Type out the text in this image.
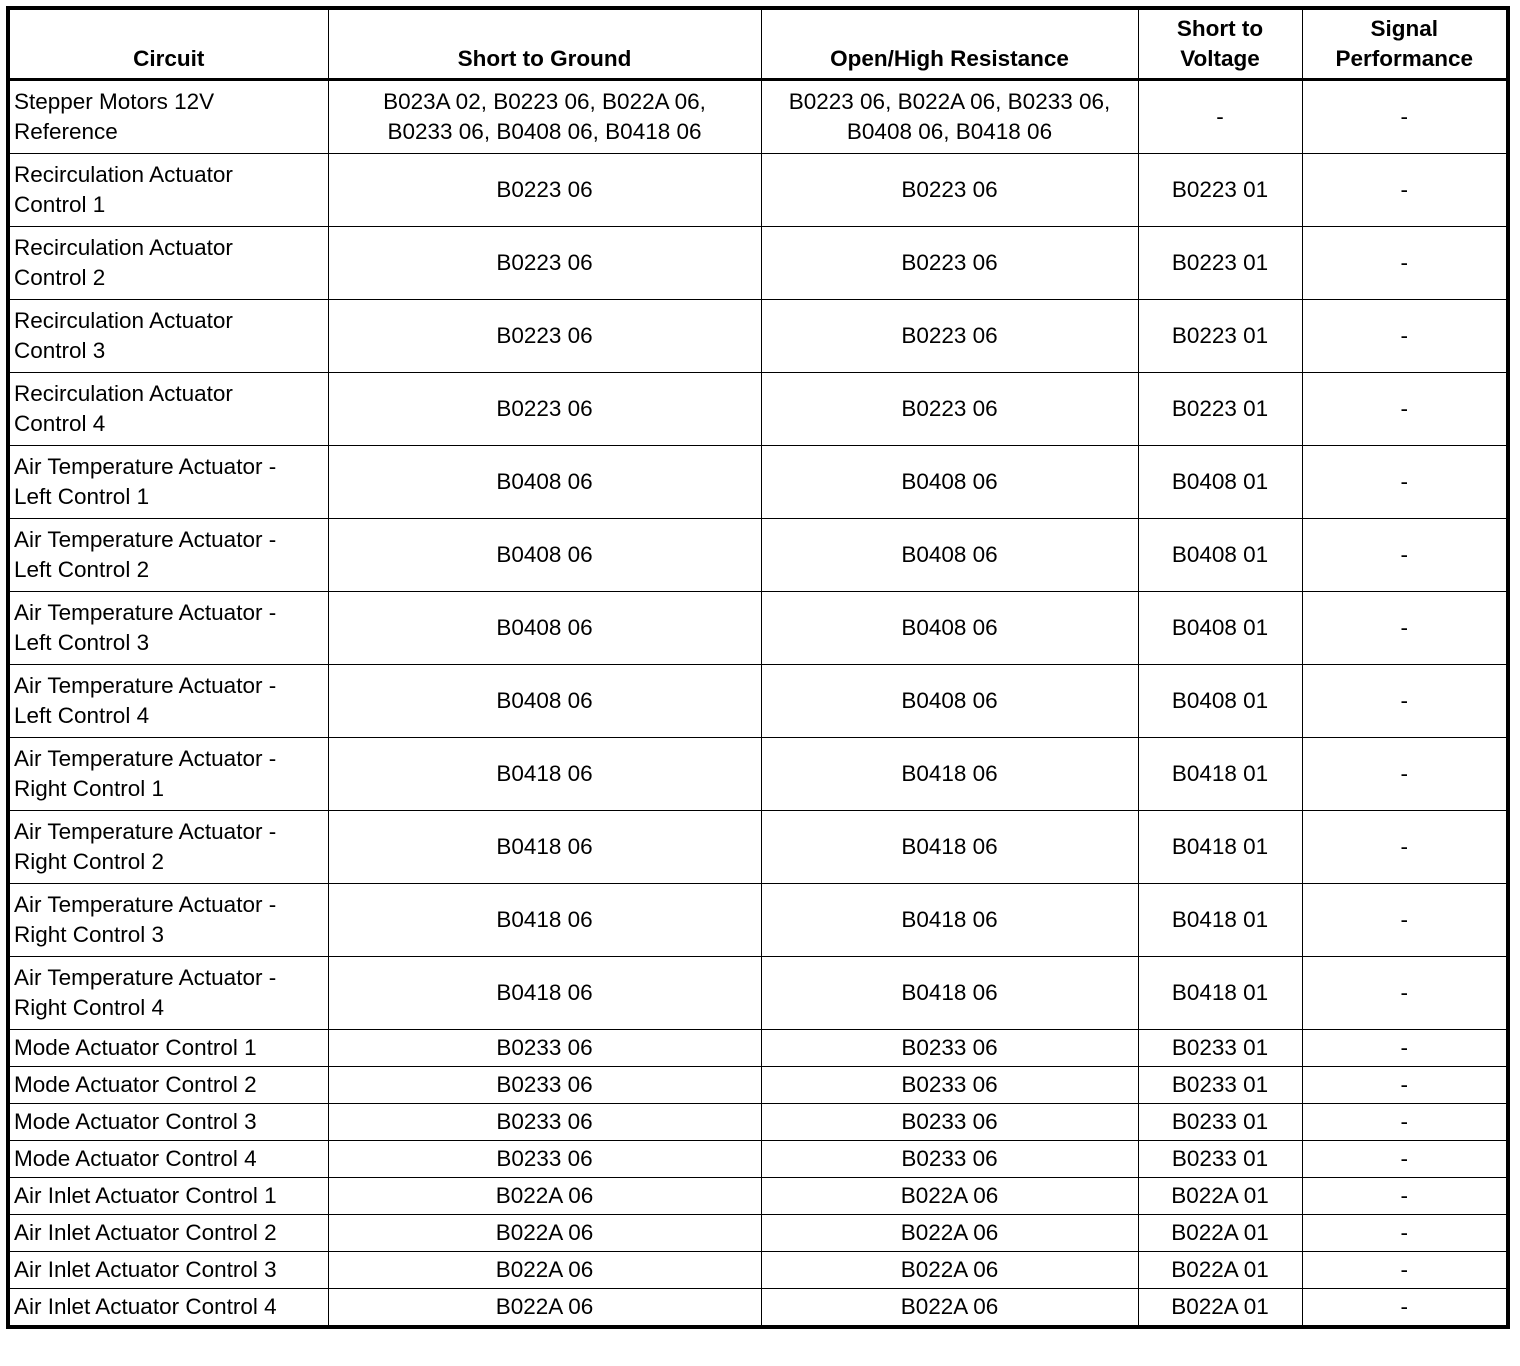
Circuit	Short to Ground	Open/High Resistance	Short to
Voltage	Signal
Performance

Stepper Motors 12V
Reference	B023A 02, B0223 06, B022A 06,
B0233 06, B0408 06, B0418 06	B0223 06, B022A 06, B0233 06,
B0408 06, B0418 06	-	-

Recirculation Actuator
Control 1	B0223 06	B0223 06	B0223 01	-

Recirculation Actuator
Control 2	B0223 06	B0223 06	B0223 01	-

Recirculation Actuator
Control 3	B0223 06	B0223 06	B0223 01	-

Recirculation Actuator
Control 4	B0223 06	B0223 06	B0223 01	-

Air Temperature Actuator -
Left Control 1	B0408 06	B0408 06	B0408 01	-

Air Temperature Actuator -
Left Control 2	B0408 06	B0408 06	B0408 01	-

Air Temperature Actuator -
Left Control 3	B0408 06	B0408 06	B0408 01	-

Air Temperature Actuator -
Left Control 4	B0408 06	B0408 06	B0408 01	-

Air Temperature Actuator -
Right Control 1	B0418 06	B0418 06	B0418 01	-

Air Temperature Actuator -
Right Control 2	B0418 06	B0418 06	B0418 01	-

Air Temperature Actuator -
Right Control 3	B0418 06	B0418 06	B0418 01	-

Air Temperature Actuator -
Right Control 4	B0418 06	B0418 06	B0418 01	-
Mode Actuator Control 1	B0233 06	B0233 06	B0233 01	-
Mode Actuator Control 2	B0233 06	B0233 06	B0233 01	-
Mode Actuator Control 3	B0233 06	B0233 06	B0233 01	-
Mode Actuator Control 4	B0233 06	B0233 06	B0233 01	-
Air Inlet Actuator Control 1	B022A 06	B022A 06	B022A 01	-
Air Inlet Actuator Control 2	B022A 06	B022A 06	B022A 01	-
Air Inlet Actuator Control 3	B022A 06	B022A 06	B022A 01	-
Air Inlet Actuator Control 4	B022A 06	B022A 06	B022A 01	-
